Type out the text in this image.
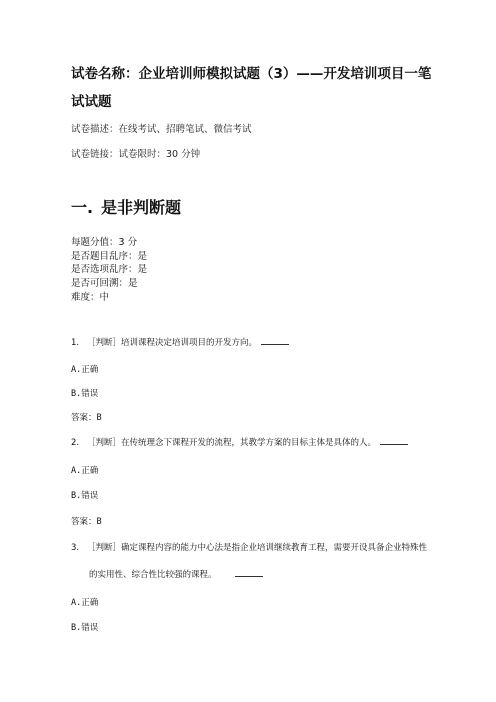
试卷名称：企业培训师模拟试题（3）——开发培训项目一笔
试试题
试卷描述：在线考试、招聘笔试、微信考试
试卷链接：试卷限时：30 分钟
一. 是非判断题
每题分值：3 分
是否题目乱序：是
是否选项乱序：是
是否可回溯：是
难度：中
1. ［判断］培训课程决定培训项目的开发方向。
A.正确
B.错误
答案：B
2. ［判断］在传统理念下课程开发的流程，其教学方案的目标主体是具体的人。
A.正确
B.错误
答案：B
3. ［判断］确定课程内容的能力中心法是指企业培训继续教育工程，需要开设具备企业特殊性
的实用性、综合性比较强的课程。
A.正确
B.错误
